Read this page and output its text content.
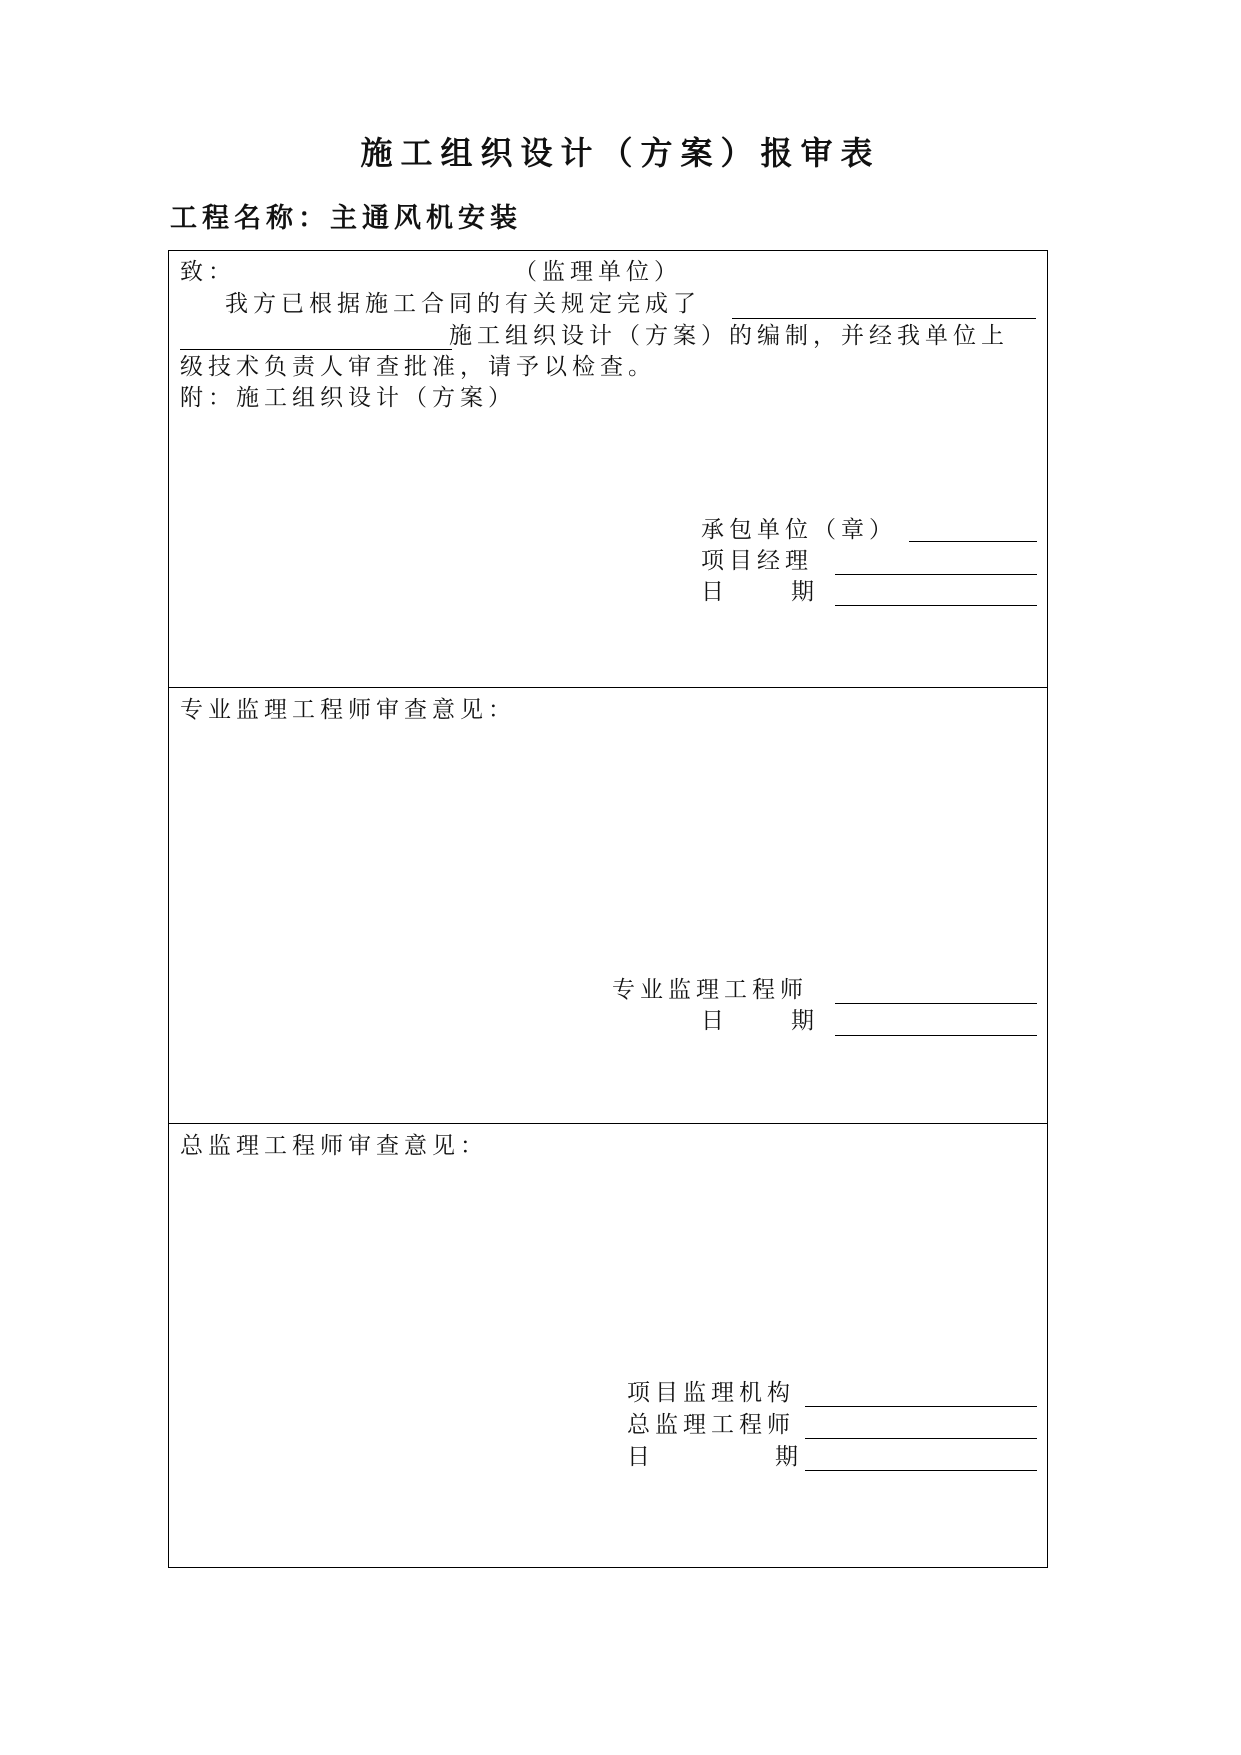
施工组织设计（方案）报审表
工程名称：主通风机安装
致：	（监理单位）
我方已根据施工合同的有关规定完成了
施工组织设计（方案）的编制，并经我单位上
级技术负责人审查批准，请予以检查。
附：施工组织设计（方案）
承包单位（章）
项目经理
日	期
专业监理工程师审查意见：
专业监理工程师
日	期
总监理工程师审查意见：
项目监理机构
总监理工程师
日	期
